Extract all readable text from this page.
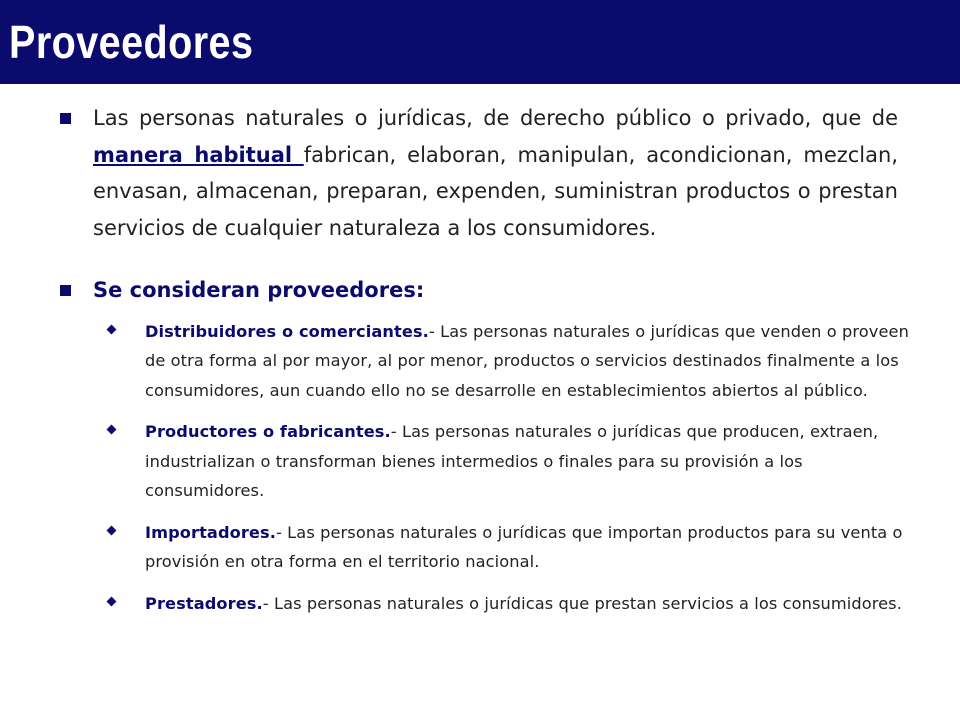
Proveedores
Las personas naturales o jurídicas, de derecho público o privado, que de manera habitual fabrican, elaboran, manipulan, acondicionan, mezclan, envasan, almacenan, preparan, expenden, suministran productos o prestan servicios de cualquier naturaleza a los consumidores.
Se consideran proveedores:
Distribuidores o comerciantes.- Las personas naturales o jurídicas que venden o proveen de otra forma al por mayor, al por menor, productos o servicios destinados finalmente a los consumidores, aun cuando ello no se desarrolle en establecimientos abiertos al público.
Productores o fabricantes.- Las personas naturales o jurídicas que producen, extraen, industrializan o transforman bienes intermedios o finales para su provisión a los consumidores.
Importadores.- Las personas naturales o jurídicas que importan productos para su venta o provisión en otra forma en el territorio nacional.
Prestadores.- Las personas naturales o jurídicas que prestan servicios a los consumidores.
